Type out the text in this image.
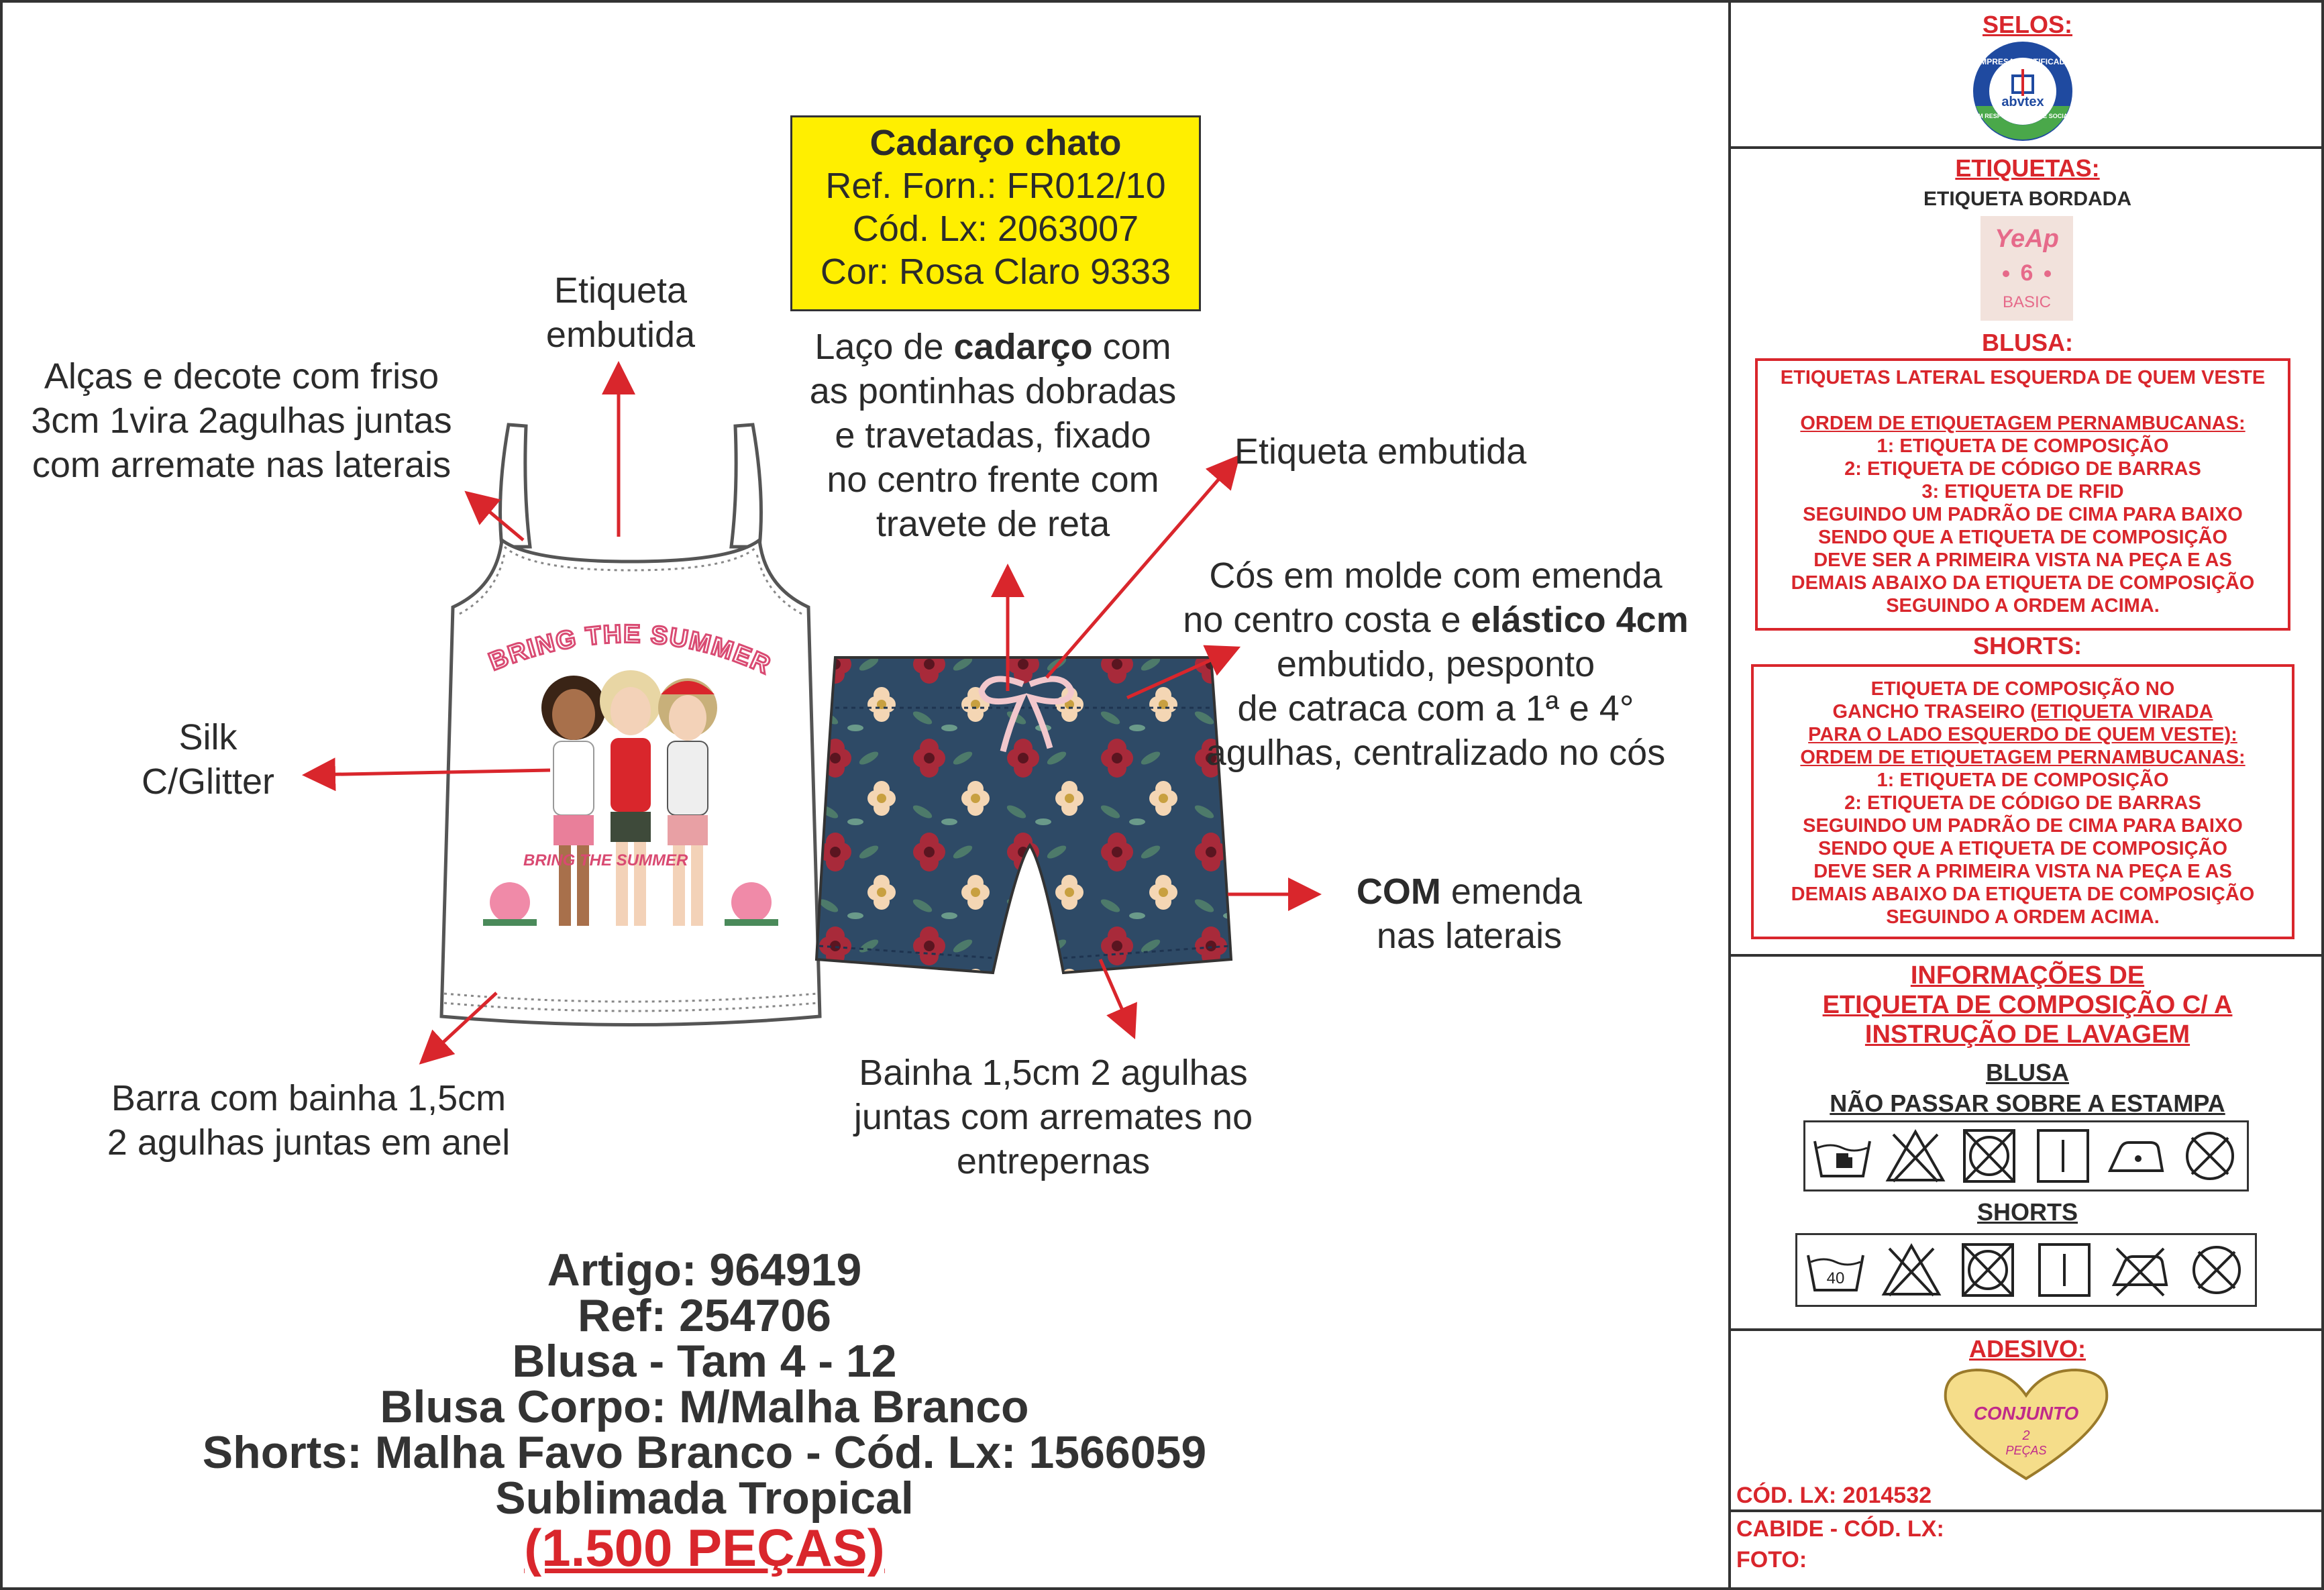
BRING THE SUMMER
BRING THE SUMMER
Etiqueta
embutida
Alças e decote com friso
3cm 1vira 2agulhas juntas
com arremate nas laterais
Silk
C/Glitter
Barra com bainha 1,5cm
2 agulhas juntas em anel
Cadarço chato
Ref. Forn.: FR012/10
Cód. Lx: 2063007
Cor: Rosa Claro 9333
Laço de cadarço com
as pontinhas dobradas
e travetadas, fixado
no centro frente com
travete de reta
Etiqueta embutida
Cós em molde com emenda
no centro costa e elástico 4cm
embutido, pesponto
de catraca com a 1ª e 4°
agulhas, centralizado no cós
COM emenda
nas laterais
Bainha 1,5cm 2 agulhas
juntas com arremates no
entrepernas
Artigo: 964919
Ref: 254706
Blusa - Tam 4 - 12
Blusa Corpo: M/Malha Branco
Shorts: Malha Favo Branco - Cód. Lx: 1566059
Sublimada Tropical
(1.500 PEÇAS)
SELOS:
EMPRESA CERTIFICADA
EM RESPONSABILIDADE SOCIAL
abvtex
ETIQUETAS:
ETIQUETA BORDADA
YeAp
6
BASIC
BLUSA:
ETIQUETAS LATERAL ESQUERDA DE QUEM VESTE
ORDEM DE ETIQUETAGEM PERNAMBUCANAS:
1: ETIQUETA DE COMPOSIÇÃO
2: ETIQUETA DE CÓDIGO DE BARRAS
3: ETIQUETA DE RFID
SEGUINDO UM PADRÃO DE CIMA PARA BAIXO
SENDO QUE A ETIQUETA DE COMPOSIÇÃO
DEVE SER A PRIMEIRA VISTA NA PEÇA E AS
DEMAIS ABAIXO DA ETIQUETA DE COMPOSIÇÃO
SEGUINDO A ORDEM ACIMA.
SHORTS:
ETIQUETA DE COMPOSIÇÃO NO
GANCHO TRASEIRO (ETIQUETA VIRADA
PARA O LADO ESQUERDO DE QUEM VESTE):
ORDEM DE ETIQUETAGEM PERNAMBUCANAS:
1: ETIQUETA DE COMPOSIÇÃO
2: ETIQUETA DE CÓDIGO DE BARRAS
SEGUINDO UM PADRÃO DE CIMA PARA BAIXO
SENDO QUE A ETIQUETA DE COMPOSIÇÃO
DEVE SER A PRIMEIRA VISTA NA PEÇA E AS
DEMAIS ABAIXO DA ETIQUETA DE COMPOSIÇÃO
SEGUINDO A ORDEM ACIMA.
INFORMAÇÕES DE
ETIQUETA DE COMPOSIÇÃO C/ A
INSTRUÇÃO DE LAVAGEM
BLUSA
NÃO PASSAR SOBRE A ESTAMPA
SHORTS
40
ADESIVO:
CONJUNTO
2
PEÇAS
CÓD. LX: 2014532
CABIDE - CÓD. LX:
FOTO:
